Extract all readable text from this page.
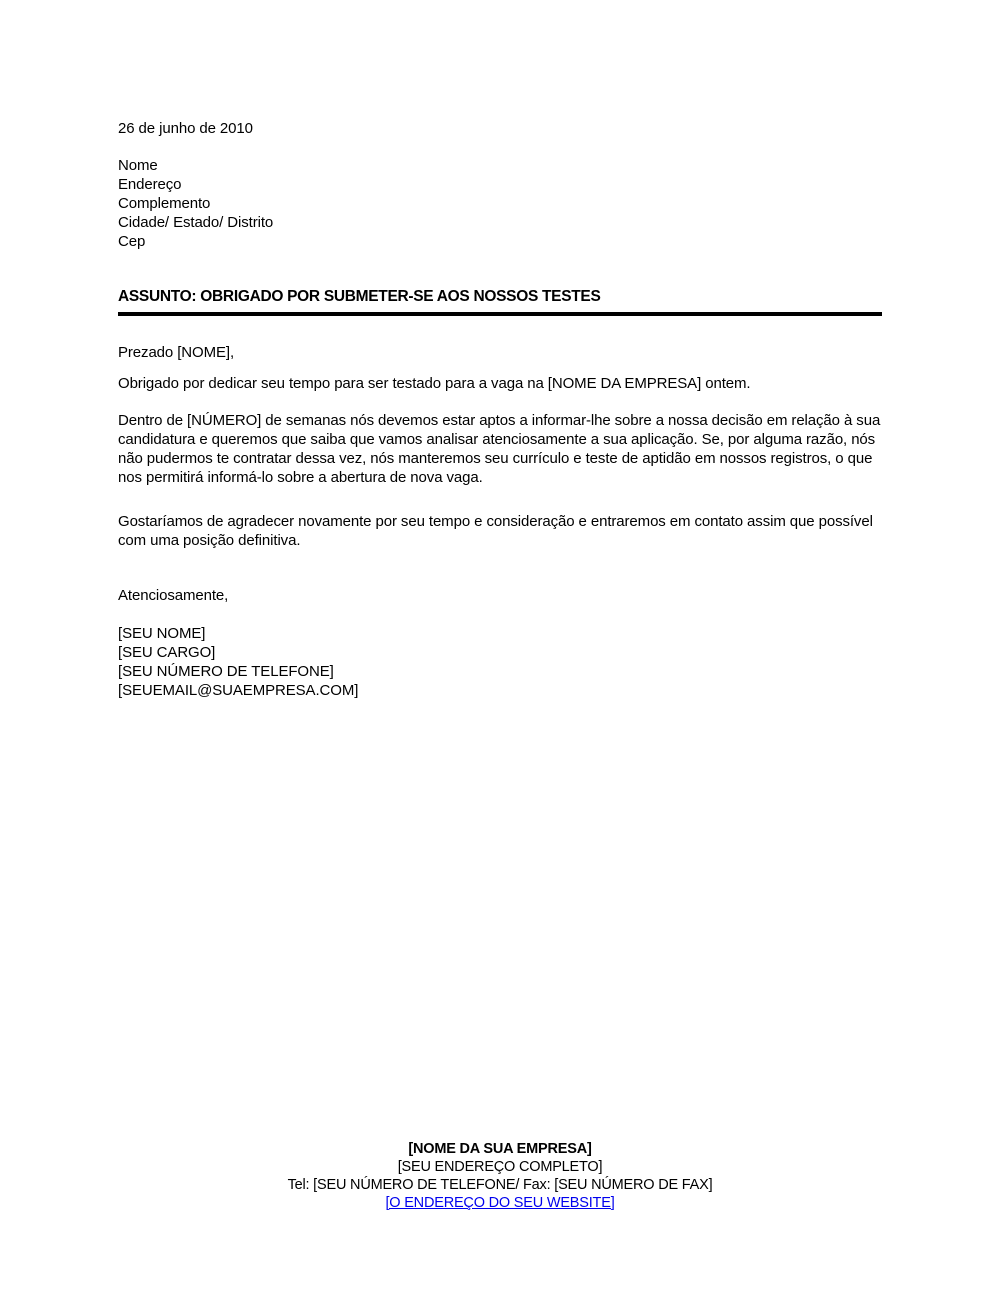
26 de junho de 2010
Nome
Endereço
Complemento
Cidade/ Estado/ Distrito
Cep
ASSUNTO: OBRIGADO POR SUBMETER-SE AOS NOSSOS TESTES
Prezado [NOME],
Obrigado por dedicar seu tempo para ser testado para a vaga na [NOME DA EMPRESA] ontem.
Dentro de [NÚMERO] de semanas nós devemos estar aptos a informar-lhe sobre a nossa decisão em relação à sua candidatura e queremos que saiba que vamos analisar atenciosamente a sua aplicação. Se, por alguma razão, nós não pudermos te contratar dessa vez, nós manteremos seu currículo e teste de aptidão em nossos registros, o que nos permitirá informá-lo sobre a abertura de nova vaga.
Gostaríamos de agradecer novamente por seu tempo e consideração e entraremos em contato assim que possível com uma posição definitiva.
Atenciosamente,
[SEU NOME]
[SEU CARGO]
[SEU NÚMERO DE TELEFONE]
[SEUEMAIL@SUAEMPRESA.COM]
[NOME DA SUA EMPRESA]
[SEU ENDEREÇO COMPLETO]
Tel: [SEU NÚMERO DE TELEFONE/ Fax: [SEU NÚMERO DE FAX]
[O ENDEREÇO DO SEU WEBSITE]
